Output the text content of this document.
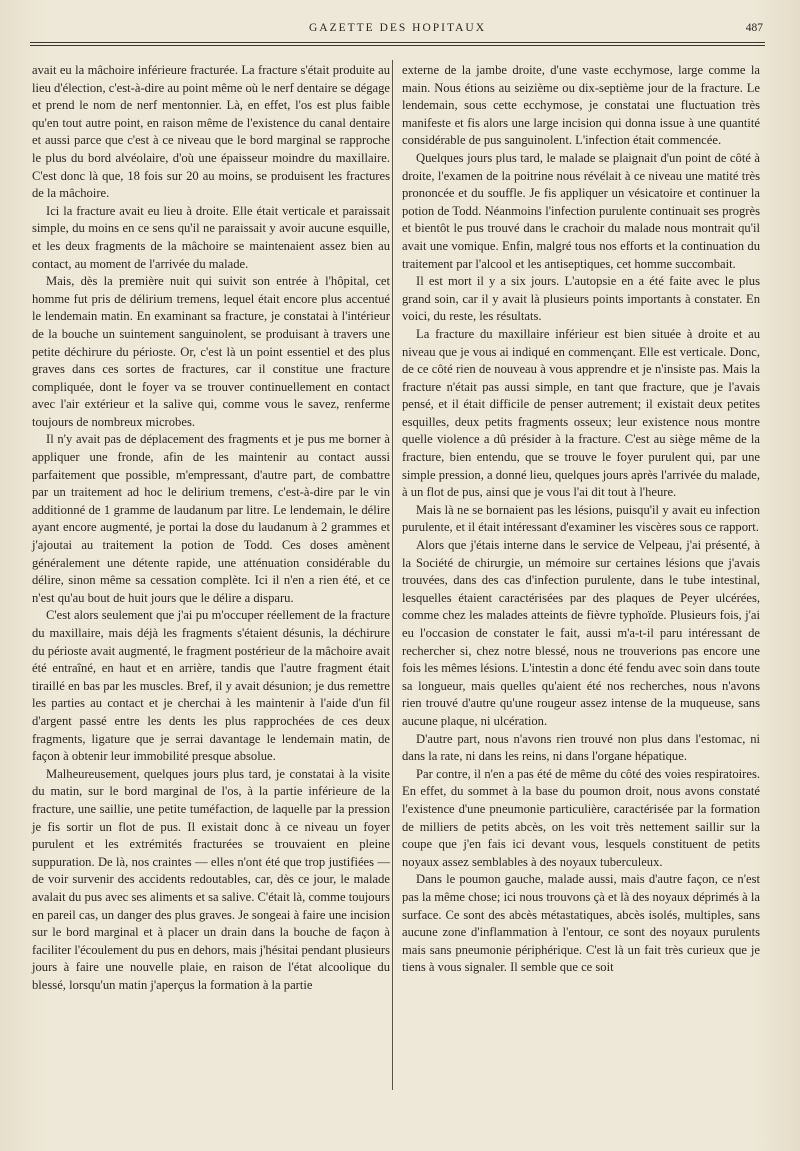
GAZETTE DES HOPITAUX	487

avait eu la mâchoire inférieure fracturée. La fracture s'était produite au lieu d'élection, c'est-à-dire au point même où le nerf dentaire se dégage et prend le nom de nerf mentonnier. Là, en effet, l'os est plus faible qu'en tout autre point, en raison même de l'existence du canal dentaire et aussi parce que c'est à ce niveau que le bord marginal se rapproche le plus du bord alvéolaire, d'où une épaisseur moindre du maxillaire. C'est donc là que, 18 fois sur 20 au moins, se produisent les fractures de la mâchoire.

Ici la fracture avait eu lieu à droite. Elle était verticale et paraissait simple, du moins en ce sens qu'il ne paraissait y avoir aucune esquille, et les deux fragments de la mâchoire se maintenaient assez bien au contact, au moment de l'arrivée du malade.

Mais, dès la première nuit qui suivit son entrée à l'hôpital, cet homme fut pris de délirium tremens, lequel était encore plus accentué le lendemain matin. En examinant sa fracture, je constatai à l'intérieur de la bouche un suintement sanguinolent, se produisant à travers une petite déchirure du périoste. Or, c'est là un point essentiel et des plus graves dans ces sortes de fractures, car il constitue une fracture compliquée, dont le foyer va se trouver continuellement en contact avec l'air extérieur et la salive qui, comme vous le savez, renferme toujours de nombreux microbes.

Il n'y avait pas de déplacement des fragments et je pus me borner à appliquer une fronde, afin de les maintenir au contact aussi parfaitement que possible, m'empressant, d'autre part, de combattre par un traitement ad hoc le delirium tremens, c'est-à-dire par le vin additionné de 1 gramme de laudanum par litre. Le lendemain, le délire ayant encore augmenté, je portai la dose du laudanum à 2 grammes et j'ajoutai au traitement la potion de Todd. Ces doses amènent généralement une détente rapide, une atténuation considérable du délire, sinon même sa cessation complète. Ici il n'en a rien été, et ce n'est qu'au bout de huit jours que le délire a disparu.

C'est alors seulement que j'ai pu m'occuper réellement de la fracture du maxillaire, mais déjà les fragments s'étaient désunis, la déchirure du périoste avait augmenté, le fragment postérieur de la mâchoire avait été entraîné, en haut et en arrière, tandis que l'autre fragment était tiraillé en bas par les muscles. Bref, il y avait désunion; je dus remettre les parties au contact et je cherchai à les maintenir à l'aide d'un fil d'argent passé entre les dents les plus rapprochées de ces deux fragments, ligature que je serrai davantage le lendemain matin, de façon à obtenir leur immobilité presque absolue.

Malheureusement, quelques jours plus tard, je constatai à la visite du matin, sur le bord marginal de l'os, à la partie inférieure de la fracture, une saillie, une petite tuméfaction, de laquelle par la pression je fis sortir un flot de pus. Il existait donc à ce niveau un foyer purulent et les extrémités fracturées se trouvaient en pleine suppuration. De là, nos craintes — elles n'ont été que trop justifiées — de voir survenir des accidents redoutables, car, dès ce jour, le malade avalait du pus avec ses aliments et sa salive. C'était là, comme toujours en pareil cas, un danger des plus graves. Je songeai à faire une incision sur le bord marginal et à placer un drain dans la bouche de façon à faciliter l'écoulement du pus en dehors, mais j'hésitai pendant plusieurs jours à faire une nouvelle plaie, en raison de l'état alcoolique du blessé, lorsqu'un matin j'aperçus la formation à la partie

externe de la jambe droite, d'une vaste ecchymose, large comme la main. Nous étions au seizième ou dix-septième jour de la fracture. Le lendemain, sous cette ecchymose, je constatai une fluctuation très manifeste et fis alors une large incision qui donna issue à une quantité considérable de pus sanguinolent. L'infection était commencée.

Quelques jours plus tard, le malade se plaignait d'un point de côté à droite, l'examen de la poitrine nous révélait à ce niveau une matité très prononcée et du souffle. Je fis appliquer un vésicatoire et continuer la potion de Todd. Néanmoins l'infection purulente continuait ses progrès et bientôt le pus trouvé dans le crachoir du malade nous montrait qu'il avait une vomique. Enfin, malgré tous nos efforts et la continuation du traitement par l'alcool et les antiseptiques, cet homme succombait.

Il est mort il y a six jours. L'autopsie en a été faite avec le plus grand soin, car il y avait là plusieurs points importants à constater. En voici, du reste, les résultats.

La fracture du maxillaire inférieur est bien située à droite et au niveau que je vous ai indiqué en commençant. Elle est verticale. Donc, de ce côté rien de nouveau à vous apprendre et je n'insiste pas. Mais la fracture n'était pas aussi simple, en tant que fracture, que je l'avais pensé, et il était difficile de penser autrement; il existait deux petites esquilles, deux petits fragments osseux; leur existence nous montre quelle violence a dû présider à la fracture. C'est au siège même de la fracture, bien entendu, que se trouve le foyer purulent qui, par une simple pression, a donné lieu, quelques jours après l'arrivée du malade, à un flot de pus, ainsi que je vous l'ai dit tout à l'heure.

Mais là ne se bornaient pas les lésions, puisqu'il y avait eu infection purulente, et il était intéressant d'examiner les viscères sous ce rapport.

Alors que j'étais interne dans le service de Velpeau, j'ai présenté, à la Société de chirurgie, un mémoire sur certaines lésions que j'avais trouvées, dans des cas d'infection purulente, dans le tube intestinal, lesquelles étaient caractérisées par des plaques de Peyer ulcérées, comme chez les malades atteints de fièvre typhoïde. Plusieurs fois, j'ai eu l'occasion de constater le fait, aussi m'a-t-il paru intéressant de rechercher si, chez notre blessé, nous ne trouverions pas encore une fois les mêmes lésions. L'intestin a donc été fendu avec soin dans toute sa longueur, mais quelles qu'aient été nos recherches, nous n'avons rien trouvé d'autre qu'une rougeur assez intense de la muqueuse, sans aucune plaque, ni ulcération.

D'autre part, nous n'avons rien trouvé non plus dans l'estomac, ni dans la rate, ni dans les reins, ni dans l'organe hépatique.

Par contre, il n'en a pas été de même du côté des voies respiratoires. En effet, du sommet à la base du poumon droit, nous avons constaté l'existence d'une pneumonie particulière, caractérisée par la formation de milliers de petits abcès, on les voit très nettement saillir sur la coupe que j'en fais ici devant vous, lesquels constituent de petits noyaux assez semblables à des noyaux tuberculeux.

Dans le poumon gauche, malade aussi, mais d'autre façon, ce n'est pas la même chose; ici nous trouvons çà et là des noyaux déprimés à la surface. Ce sont des abcès métastatiques, abcès isolés, multiples, sans aucune zone d'inflammation à l'entour, ce sont des noyaux purulents mais sans pneumonie périphérique. C'est là un fait très curieux que je tiens à vous signaler. Il semble que ce soit
